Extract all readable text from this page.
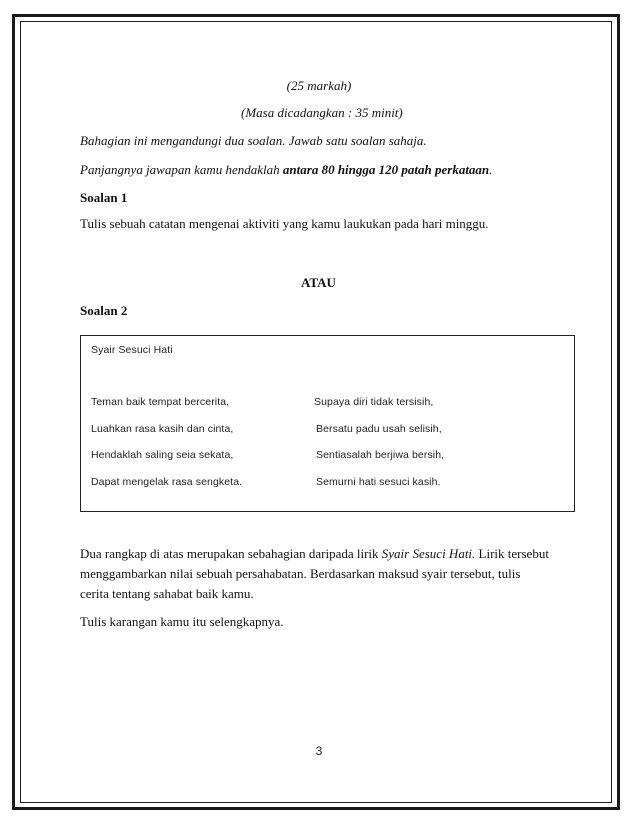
(25 markah)
(Masa dicadangkan : 35 minit)
Bahagian ini mengandungi dua soalan. Jawab satu soalan sahaja.
Panjangnya jawapan kamu hendaklah antara 80 hingga 120 patah perkataan.
Soalan 1
Tulis sebuah catatan mengenai aktiviti yang kamu laukukan pada hari minggu.
ATAU
Soalan 2
Syair Sesuci Hati
Teman baik tempat bercerita,
Luahkan rasa kasih dan cinta,
Hendaklah saling seia sekata,
Dapat mengelak rasa sengketa.
Supaya diri tidak tersisih,
Bersatu padu usah selisih,
Sentiasalah berjiwa bersih,
Semurni hati sesuci kasih.
Dua rangkap di atas merupakan sebahagian daripada lirik Syair Sesuci Hati. Lirik tersebut menggambarkan nilai sebuah persahabatan. Berdasarkan maksud syair tersebut, tulis cerita tentang sahabat baik kamu.
Tulis karangan kamu itu selengkapnya.
3
